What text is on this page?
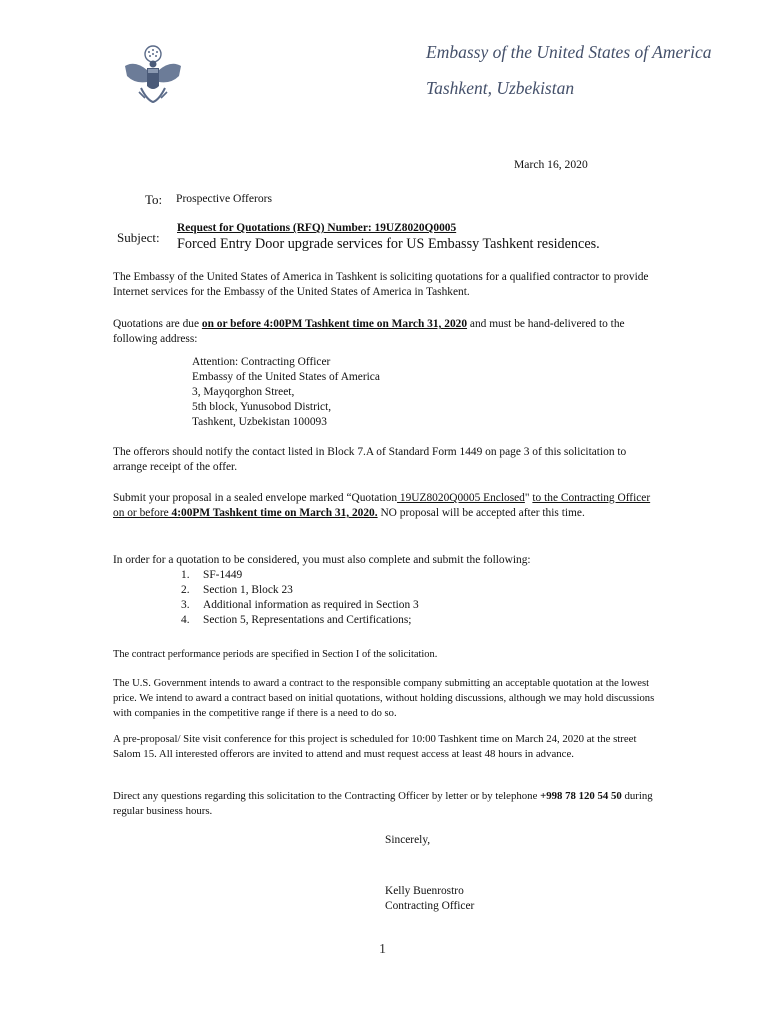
Embassy of the United States of America
Tashkent, Uzbekistan
March 16, 2020
To: Prospective Offerors
Subject:
Request for Quotations (RFQ) Number: 19UZ8020Q0005
Forced Entry Door upgrade services for US Embassy Tashkent residences.
The Embassy of the United States of America in Tashkent is soliciting quotations for a qualified contractor to provide Internet services for the Embassy of the United States of America in Tashkent.
Quotations are due on or before 4:00PM Tashkent time on March 31, 2020 and must be hand-delivered to the following address:
Attention: Contracting Officer
Embassy of the United States of America
3, Mayqorghon Street,
5th block, Yunusobod District,
Tashkent, Uzbekistan 100093
The offerors should notify the contact listed in Block 7.A of Standard Form 1449 on page 3 of this solicitation to arrange receipt of the offer.
Submit your proposal in a sealed envelope marked “Quotation 19UZ8020Q0005 Enclosed" to the Contracting Officer on or before 4:00PM Tashkent time on March 31, 2020. NO proposal will be accepted after this time.
In order for a quotation to be considered, you must also complete and submit the following:
1. SF-1449
2. Section 1, Block 23
3. Additional information as required in Section 3
4. Section 5, Representations and Certifications;
The contract performance periods are specified in Section I of the solicitation.
The U.S. Government intends to award a contract to the responsible company submitting an acceptable quotation at the lowest price. We intend to award a contract based on initial quotations, without holding discussions, although we may hold discussions with companies in the competitive range if there is a need to do so.
A pre-proposal/ Site visit conference for this project is scheduled for 10:00 Tashkent time on March 24, 2020 at the street Salom 15. All interested offerors are invited to attend and must request access at least 48 hours in advance.
Direct any questions regarding this solicitation to the Contracting Officer by letter or by telephone +998 78 120 54 50 during regular business hours.
Sincerely,
Kelly Buenrostro
Contracting Officer
1
